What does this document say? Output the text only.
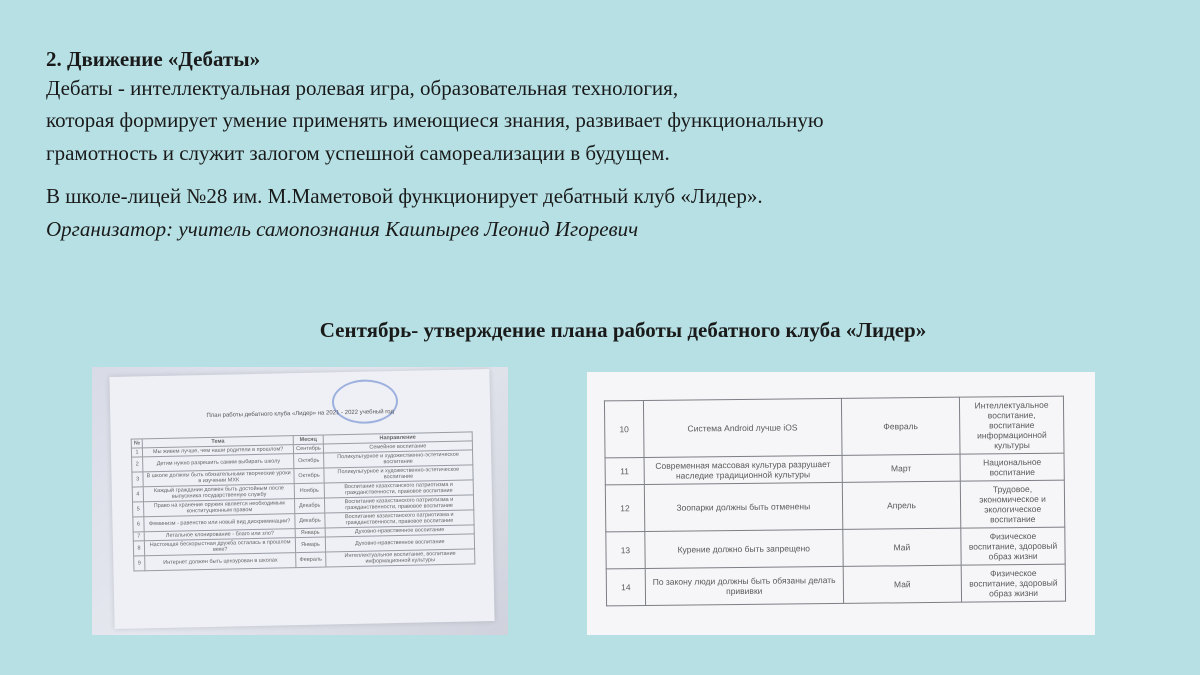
2. Движение «Дебаты»
Дебаты - интеллектуальная ролевая игра, образовательная технология,
которая формирует умение применять имеющиеся знания, развивает функциональную
грамотность и служит залогом успешной самореализации в будущем.
В школе-лицей №28 им. М.Маметовой функционирует дебатный клуб «Лидер».
Организатор: учитель самопознания Кашпырев Леонид Игоревич
Сентябрь- утверждение плана работы дебатного клуба «Лидер»
План работы дебатного клуба «Лидер» на 2021 - 2022 учебный год
№	Тема	Месяц	Направление
1	Мы живем лучше, чем наши родители в прошлом?	Сентябрь	Семейное воспитание
2	Детям нужно разрешить самим выбирать школу	Октябрь	Поликультурное и художественно-эстетическое воспитание
3	В школе должны быть обязательными творческие уроки в изучении МХК	Октябрь	Поликультурное и художественно-эстетическое воспитание
4	Каждый гражданин должен быть достойным после выпускника государственную службу	Ноябрь	Воспитание казахстанского патриотизма и гражданственности, правовое воспитание
5	Право на хранение оружия является необходимым конституционным правом	Декабрь	Воспитание казахстанского патриотизма и гражданственности, правовое воспитание
6	Феминизм - равенство или новый вид дискриминации?	Декабрь	Воспитание казахстанского патриотизма и гражданственности, правовое воспитание
7	Летальное клонирование - благо или зло?	Январь	Духовно-нравственное воспитание
8	Настоящая бескорыстная дружба осталась в прошлом веке?	Январь	Духовно-нравственное воспитание
9	Интернет должен быть цензурован в школах	Февраль	Интеллектуальное воспитание, воспитание информационной культуры
10	Система Android лучше iOS	Февраль	Интеллектуальное воспитание, воспитание информационной культуры
11	Современная массовая культура разрушает наследие традиционной культуры	Март	Национальное воспитание
12	Зоопарки должны быть отменены	Апрель	Трудовое, экономическое и экологическое воспитание
13	Курение должно быть запрещено	Май	Физическое воспитание, здоровый образ жизни
14	По закону люди должны быть обязаны делать прививки	Май	Физическое воспитание, здоровый образ жизни
